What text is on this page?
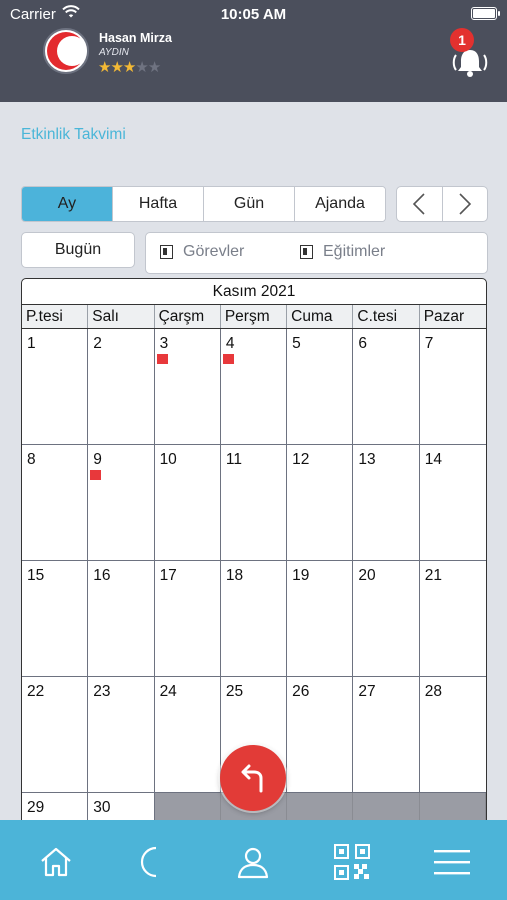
Carrier	10:05 AM
Hasan Mirza
AYDIN
★★★★★
1
Etkinlik Takvimi
Ay	Hafta	Gün	Ajanda
Bugün	Görevler	Eğitimler
Kasım 2021
P.tesi	Salı	Çarşm	Perşm	Cuma	C.tesi	Pazar
1	2	3	4	5	6	7
8	9	10	11	12	13	14
15	16	17	18	19	20	21
22	23	24	25	26	27	28
29	30
